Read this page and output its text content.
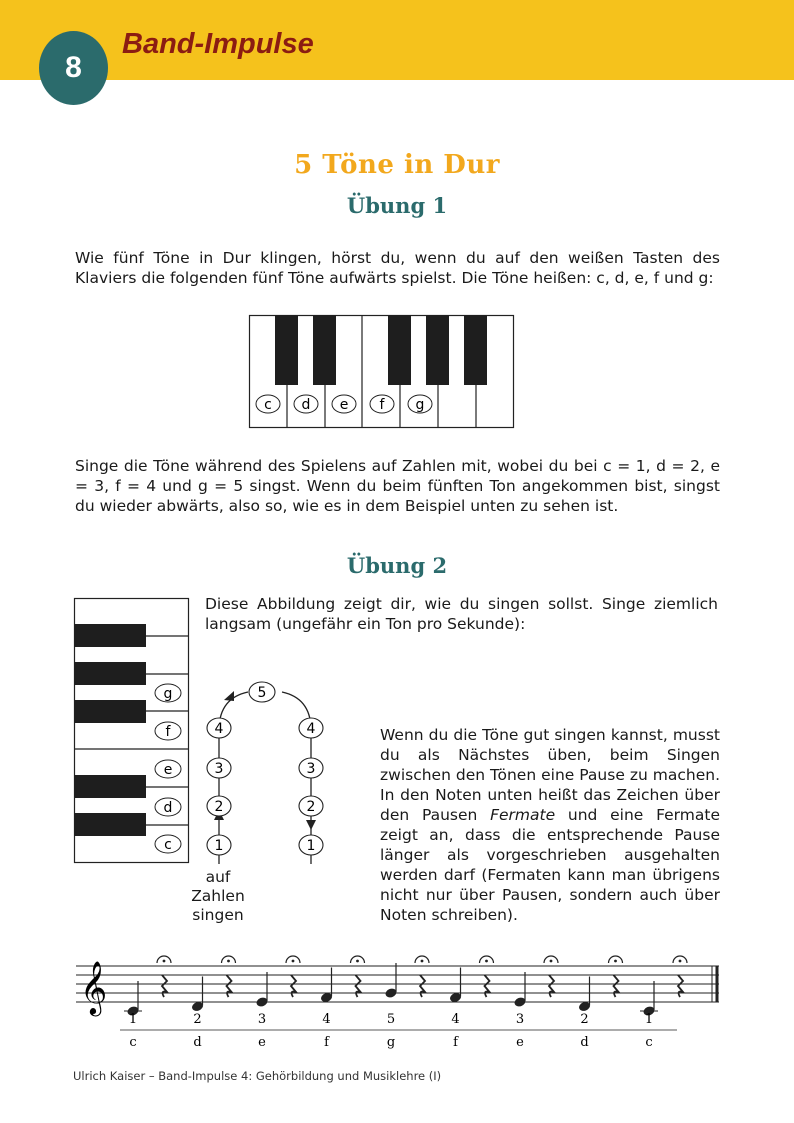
8
Band-Impulse
5 Töne in Dur
Übung 1

Wie fünf Töne in Dur klingen, hörst du, wenn du auf den weißen Tasten des Klaviers die folgenden fünf Töne aufwärts spielst. Die Töne heißen: c, d, e, f und g:

c d e f g

Singe die Töne während des Spielens auf Zahlen mit, wobei du bei c = 1, d = 2, e = 3, f = 4 und g = 5 singst. Wenn du beim fünften Ton angekommen bist, singst du wieder abwärts, also so, wie es in dem Beispiel unten zu sehen ist.

Übung 2
g
f
e
d
c

Diese Abbildung zeigt dir, wie du singen sollst. Singe ziemlich langsam (ungefähr ein Ton pro Sekunde):

1
2
3
4
5
4
3
2
1
auf
Zahlen
singen

Wenn du die Töne gut singen kannst, musst du als Nächstes üben, beim Singen zwischen den Tönen eine Pause zu machen. In den Noten unten heißt das Zeichen über den Pausen Fermate und eine Fermate zeigt an, dass die entsprechende Pause länger als vorgeschrieben ausgehalten werden darf (Fermaten kann man übrigens nicht nur über Pausen, sondern auch über Noten schreiben).

𝄞
1
c
2
d
3
e
4
f
5
g
4
f
3
e
2
d
1
c
Ulrich Kaiser – Band-Impulse 4: Gehörbildung und Musiklehre (I)
